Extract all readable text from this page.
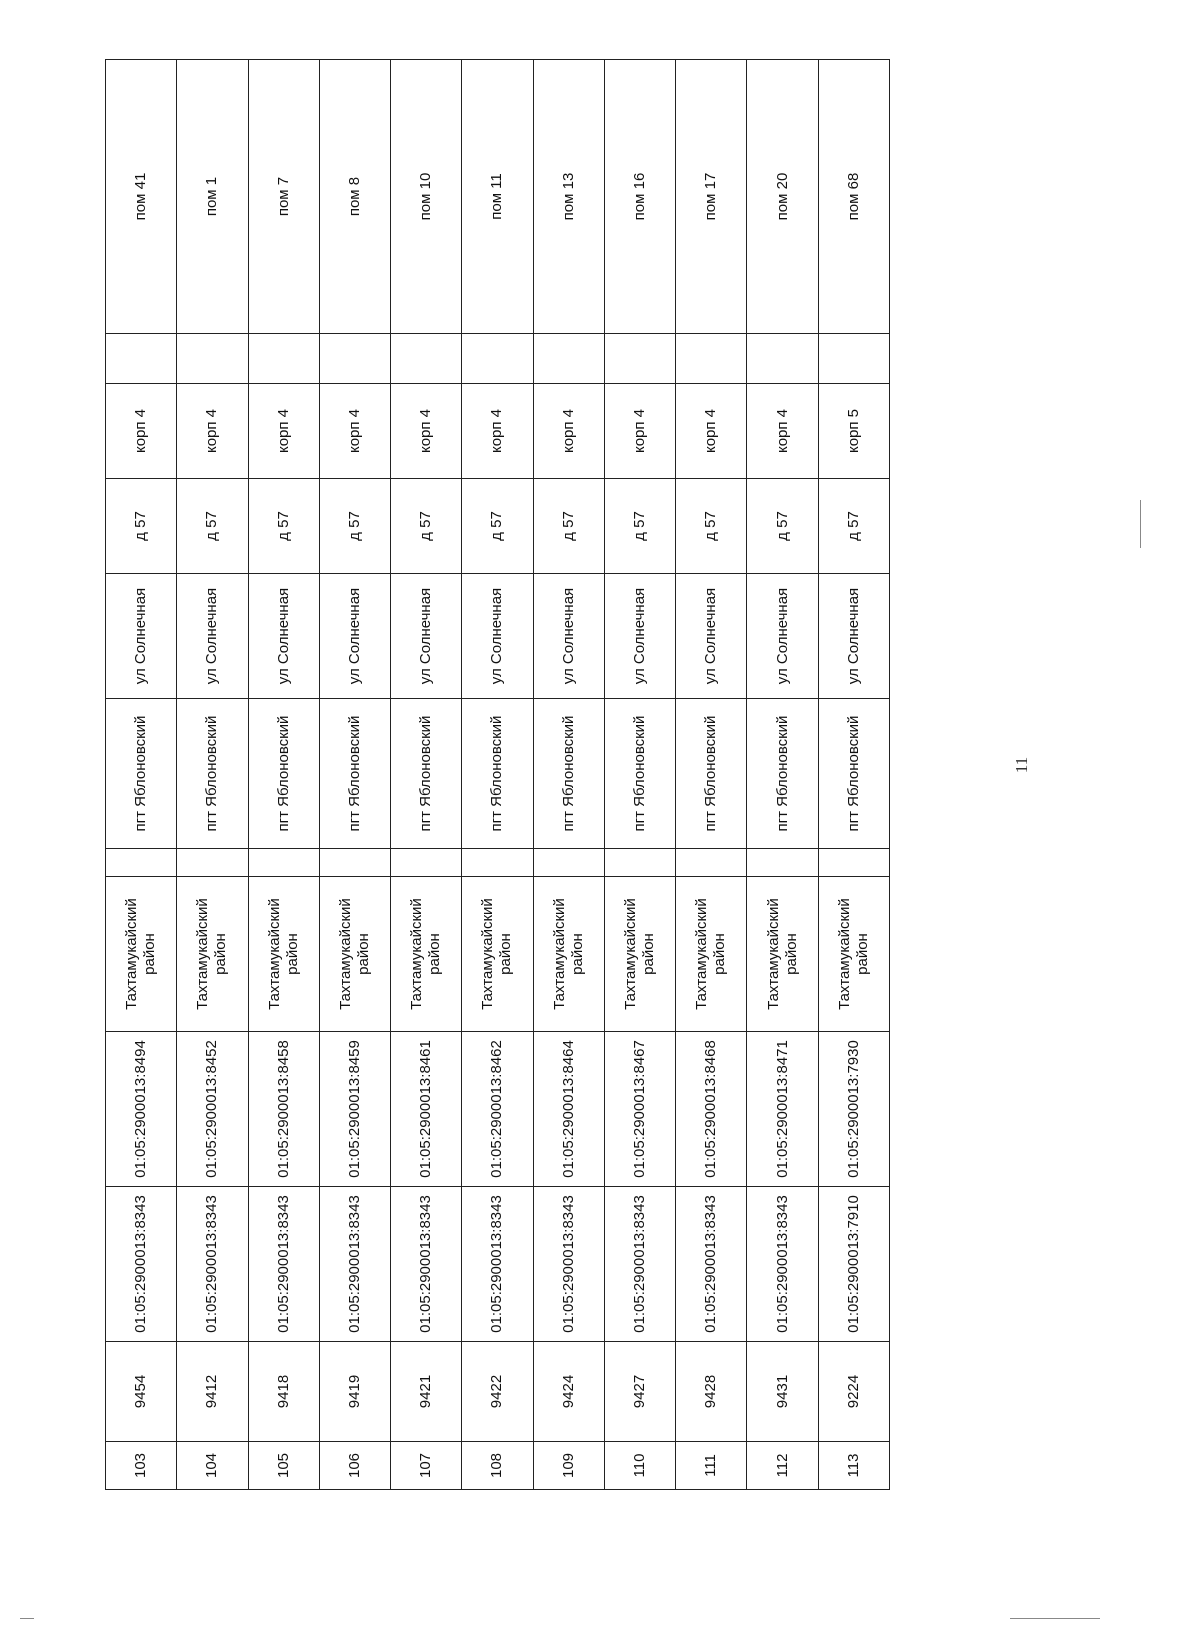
103	9454	01:05:2900013:8343	01:05:2900013:8494	Тахтамукайский район		пгт Яблоновский	ул Солнечная	д 57	корп 4		пом 41
104	9412	01:05:2900013:8343	01:05:2900013:8452	Тахтамукайский район		пгт Яблоновский	ул Солнечная	д 57	корп 4		пом 1
105	9418	01:05:2900013:8343	01:05:2900013:8458	Тахтамукайский район		пгт Яблоновский	ул Солнечная	д 57	корп 4		пом 7
106	9419	01:05:2900013:8343	01:05:2900013:8459	Тахтамукайский район		пгт Яблоновский	ул Солнечная	д 57	корп 4		пом 8
107	9421	01:05:2900013:8343	01:05:2900013:8461	Тахтамукайский район		пгт Яблоновский	ул Солнечная	д 57	корп 4		пом 10
108	9422	01:05:2900013:8343	01:05:2900013:8462	Тахтамукайский район		пгт Яблоновский	ул Солнечная	д 57	корп 4		пом 11
109	9424	01:05:2900013:8343	01:05:2900013:8464	Тахтамукайский район		пгт Яблоновский	ул Солнечная	д 57	корп 4		пом 13
110	9427	01:05:2900013:8343	01:05:2900013:8467	Тахтамукайский район		пгт Яблоновский	ул Солнечная	д 57	корп 4		пом 16
111	9428	01:05:2900013:8343	01:05:2900013:8468	Тахтамукайский район		пгт Яблоновский	ул Солнечная	д 57	корп 4		пом 17
112	9431	01:05:2900013:8343	01:05:2900013:8471	Тахтамукайский район		пгт Яблоновский	ул Солнечная	д 57	корп 4		пом 20
113	9224	01:05:2900013:7910	01:05:2900013:7930	Тахтамукайский район		пгт Яблоновский	ул Солнечная	д 57	корп 5		пом 68
11
